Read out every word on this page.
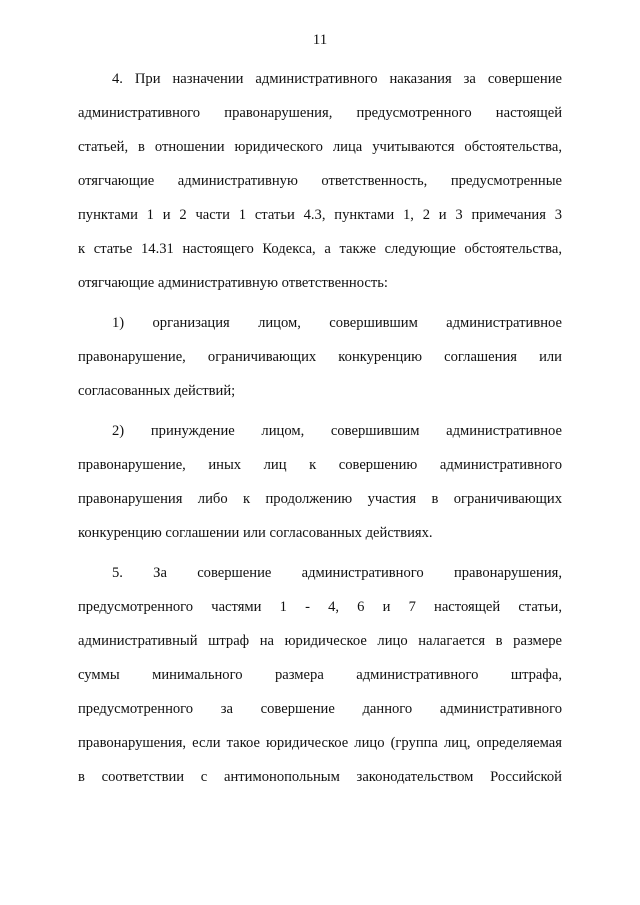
11
4. При назначении административного наказания за совершение
административного правонарушения, предусмотренного настоящей
статьей, в отношении юридического лица учитываются обстоятельства,
отягчающие административную ответственность, предусмотренные
пунктами 1 и 2 части 1 статьи 4.3, пунктами 1, 2 и 3 примечания 3
к статье 14.31 настоящего Кодекса, а также следующие обстоятельства,
отягчающие административную ответственность:
1) организация лицом, совершившим административное
правонарушение, ограничивающих конкуренцию соглашения или
согласованных действий;
2) принуждение лицом, совершившим административное
правонарушение, иных лиц к совершению административного
правонарушения либо к продолжению участия в ограничивающих
конкуренцию соглашении или согласованных действиях.
5. За совершение административного правонарушения,
предусмотренного частями 1 - 4, 6 и 7 настоящей статьи,
административный штраф на юридическое лицо налагается в размере
суммы минимального размера административного штрафа,
предусмотренного за совершение данного административного
правонарушения, если такое юридическое лицо (группа лиц, определяемая
в соответствии с антимонопольным законодательством Российской
